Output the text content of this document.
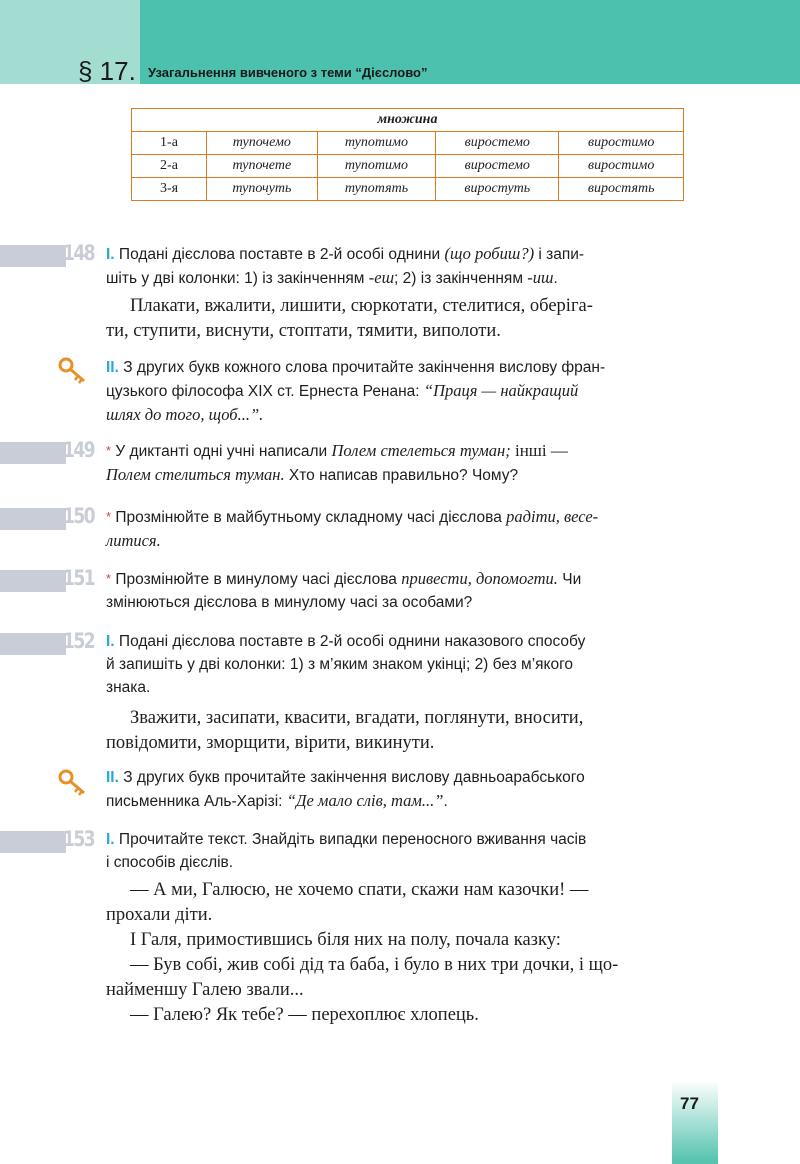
§ 17. Узагальнення вивченого з теми “Дієслово”
множина				
1-а	тупочемо	тупотимо	виростемо	виростимо
2-а	тупочете	тупотимо	виростемо	виростимо
3-я	тупочуть	тупотять	виростуть	виростять
148 I. Подані дієслова поставте в 2-й особі однини (що робиш?) і запи-
шіть у дві колонки: 1) із закінченням -еш; 2) із закінченням -иш.
Плакати, вжалити, лишити, сюркотати, стелитися, оберіга-
ти, ступити, виснути, стоптати, тямити, виполоти.
II. З других букв кожного слова прочитайте закінчення вислову фран-
цузького філософа XIX ст. Ернеста Ренана: “Праця — найкращий
шлях до того, щоб...”.
149 * У диктанті одні учні написали Полем стелеться туман; інші —
Полем стелиться туман. Хто написав правильно? Чому?
150 * Прозмінюйте в майбутньому складному часі дієслова радіти, весе-
литися.
151 * Прозмінюйте в минулому часі дієслова привести, допомогти. Чи
змінюються дієслова в минулому часі за особами?
152 I. Подані дієслова поставте в 2-й особі однини наказового способу
й запишіть у дві колонки: 1) з м’яким знаком укінці; 2) без м’якого
знака.
Зважити, засипати, квасити, вгадати, поглянути, вносити,
повідомити, зморщити, вірити, викинути.
II. З других букв прочитайте закінчення вислову давньоарабського
письменника Аль-Харізі: “Де мало слів, там...”.
153 I. Прочитайте текст. Знайдіть випадки переносного вживання часів
і способів дієслів.
— А ми, Галюсю, не хочемо спати, скажи нам казочки! —
прохали діти.
І Галя, примостившись біля них на полу, почала казку:
— Був собі, жив собі дід та баба, і було в них три дочки, і що-
найменшу Галею звали...
— Галею? Як тебе? — перехоплює хлопець.
77
